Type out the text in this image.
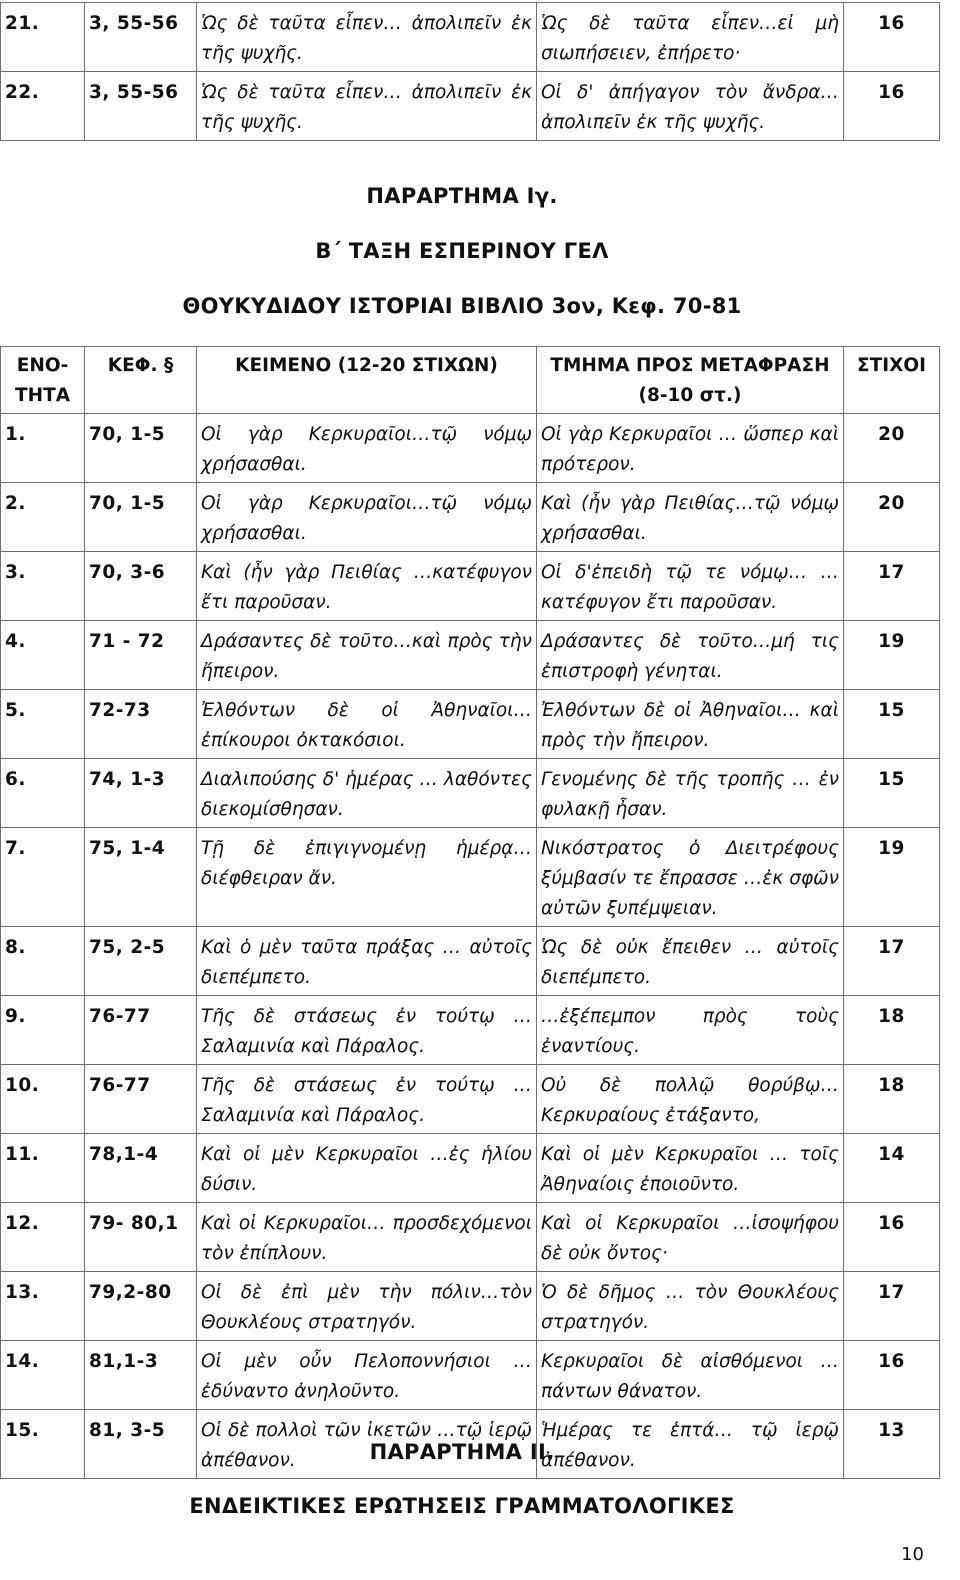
21.	3, 55-56	Ὡς δὲ ταῦτα εἶπεν… ἀπολιπεῖν ἐκ τῆς ψυχῆς.	Ὡς δὲ ταῦτα εἶπεν…εἰ μὴ σιωπήσειεν, ἐπήρετο·	16
22.	3, 55-56	Ὡς δὲ ταῦτα εἶπεν… ἀπολιπεῖν ἐκ τῆς ψυχῆς.	Οἱ δ' ἀπήγαγον τὸν ἄνδρα… ἀπολιπεῖν ἐκ τῆς ψυχῆς.	16
ΠΑΡΑΡΤΗΜΑ Ιγ.
Β΄ ΤΑΞΗ ΕΣΠΕΡΙΝΟΥ ΓΕΛ
ΘΟΥΚΥΔΙΔΟΥ ΙΣΤΟΡΙΑΙ ΒΙΒΛΙΟ 3ον, Κεφ. 70-81
ΕΝΟ-ΤΗΤΑ	ΚΕΦ. §	ΚΕΙΜΕΝΟ (12-20 ΣΤΙΧΩΝ)	ΤΜΗΜΑ ΠΡΟΣ ΜΕΤΑΦΡΑΣΗ (8-10 στ.)	ΣΤΙΧΟΙ
1.	70, 1-5	Οἱ γὰρ Κερκυραῖοι…τῷ νόμῳ χρήσασθαι.	Οἱ γὰρ Κερκυραῖοι … ὥσπερ καὶ πρότερον.	20
2.	70, 1-5	Οἱ γὰρ Κερκυραῖοι…τῷ νόμῳ χρήσασθαι.	Καὶ (ἦν γὰρ Πειθίας…τῷ νόμῳ χρήσασθαι.	20
3.	70, 3-6	Καὶ (ἦν γὰρ Πειθίας …κατέφυγον ἔτι παροῦσαν.	Οἱ δ'ἐπειδὴ τῷ τε νόμῳ… …κατέφυγον ἔτι παροῦσαν.	17
4.	71 - 72	Δράσαντες δὲ τοῦτο…καὶ πρὸς τὴν ἤπειρον.	Δράσαντες δὲ τοῦτο…μή τις ἐπιστροφὴ γένηται.	19
5.	72-73	Ἐλθόντων δὲ οἱ Ἀθηναῖοι… ἐπίκουροι ὀκτακόσιοι.	Ἐλθόντων δὲ οἱ Ἀθηναῖοι… καὶ πρὸς τὴν ἤπειρον.	15
6.	74, 1-3	Διαλιπούσης δ' ἡμέρας … λαθόντες διεκομίσθησαν.	Γενομένης δὲ τῆς τροπῆς … ἐν φυλακῇ ἦσαν.	15
7.	75, 1-4	Τῇ δὲ ἐπιγιγνομένῃ ἡμέρᾳ… διέφθειραν ἄν.	Νικόστρατος ὁ Διειτρέφους ξύμβασίν τε ἔπρασσε …ἐκ σφῶν αὐτῶν ξυπέμψειαν.	19
8.	75, 2-5	Καὶ ὁ μὲν ταῦτα πράξας … αὐτοῖς διεπέμπετο.	Ὡς δὲ οὐκ ἔπειθεν … αὐτοῖς διεπέμπετο.	17
9.	76-77	Τῆς δὲ στάσεως ἐν τούτῳ …Σαλαμινία καὶ Πάραλος.	…ἐξέπεμπον πρὸς τοὺς ἐναντίους.	18
10.	76-77	Τῆς δὲ στάσεως ἐν τούτῳ …Σαλαμινία καὶ Πάραλος.	Οὐ δὲ πολλῷ θορύβῳ… Κερκυραίους ἐτάξαντο,	18
11.	78,1-4	Καὶ οἱ μὲν Κερκυραῖοι …ἐς ἡλίου δύσιν.	Καὶ οἱ μὲν Κερκυραῖοι … τοῖς Ἀθηναίοις ἐποιοῦντο.	14
12.	79- 80,1	Καὶ οἱ Κερκυραῖοι… προσδεχόμενοι τὸν ἐπίπλουν.	Καὶ οἱ Κερκυραῖοι …ἰσοψήφου δὲ οὐκ ὄντος·	16
13.	79,2-80	Οἱ δὲ ἐπὶ μὲν τὴν πόλιν…τὸν Θουκλέους στρατηγόν.	Ὁ δὲ δῆμος … τὸν Θουκλέους στρατηγόν.	17
14.	81,1-3	Οἱ μὲν οὖν Πελοποννήσιοι … ἐδύναντο ἀνηλοῦντο.	Κερκυραῖοι δὲ αἰσθόμενοι …πάντων θάνατον.	16
15.	81, 3-5	Οἱ δὲ πολλοὶ τῶν ἱκετῶν …τῷ ἱερῷ ἀπέθανον.	Ἡμέρας τε ἑπτά… τῷ ἱερῷ ἀπέθανον.	13
ΠΑΡΑΡΤΗΜΑ ΙΙ.
ΕΝΔΕΙΚΤΙΚΕΣ ΕΡΩΤΗΣΕΙΣ ΓΡΑΜΜΑΤΟΛΟΓΙΚΕΣ
10
